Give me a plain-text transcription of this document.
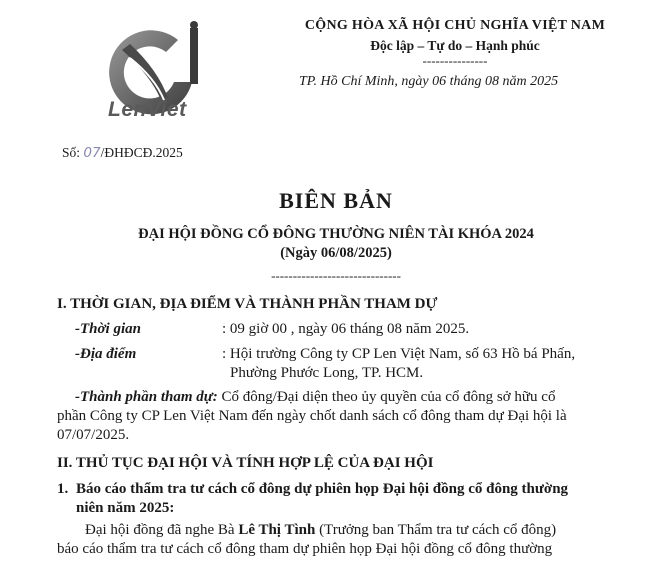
LenViet
CỘNG HÒA XÃ HỘI CHỦ NGHĨA VIỆT NAM
Độc lập – Tự do – Hạnh phúc
---------------
TP. Hồ Chí Minh, ngày 06 tháng 08 năm 2025
Số: 07/ĐHĐCĐ.2025
BIÊN BẢN
ĐẠI HỘI ĐỒNG CỔ ĐÔNG THƯỜNG NIÊN TÀI KHÓA 2024
(Ngày 06/08/2025)
------------------------------
I. THỜI GIAN, ĐỊA ĐIỂM VÀ THÀNH PHẦN THAM DỰ
-Thời gian	: 09 giờ 00 , ngày 06 tháng 08 năm 2025.
-Địa điểm	: Hội trường Công ty CP Len Việt Nam, số 63 Hồ bá Phấn,
Phường Phước Long, TP. HCM.
-Thành phần tham dự: Cổ đông/Đại diện theo ủy quyền của cổ đông sở hữu cổ
phần Công ty CP Len Việt Nam đến ngày chốt danh sách cổ đông tham dự Đại hội là
07/07/2025.
II. THỦ TỤC ĐẠI HỘI VÀ TÍNH HỢP LỆ CỦA ĐẠI HỘI
1. Báo cáo thẩm tra tư cách cổ đông dự phiên họp Đại hội đồng cổ đông thường
niên năm 2025:
Đại hội đồng đã nghe Bà Lê Thị Tình (Trưởng ban Thẩm tra tư cách cổ đông)
báo cáo thẩm tra tư cách cổ đông tham dự phiên họp Đại hội đồng cổ đông thường
